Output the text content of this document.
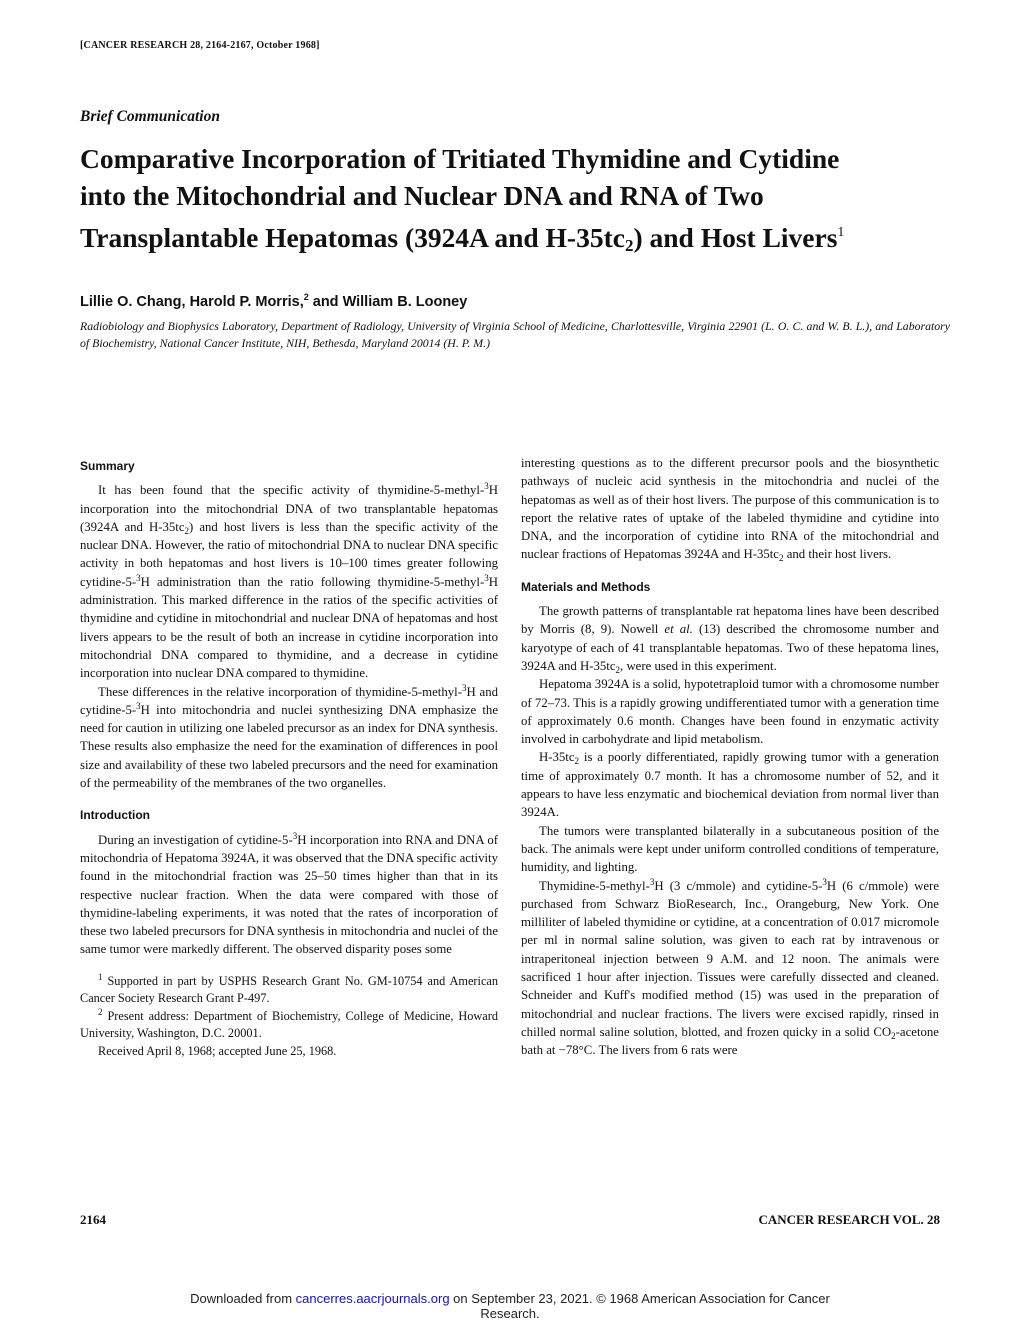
[CANCER RESEARCH 28, 2164-2167, October 1968]
Brief Communication
Comparative Incorporation of Tritiated Thymidine and Cytidine
into the Mitochondrial and Nuclear DNA and RNA of Two
Transplantable Hepatomas (3924A and $H-35tc_2$) and Host Livers$^1$
Lillie O. Chang, Harold P. Morris,$^2$ and William B. Looney
Radiobiology and Biophysics Laboratory, Department of Radiology, University of Virginia School of Medicine, Charlottesville, Virginia 22901 (L. O. C. and W. B. L.), and Laboratory of Biochemistry, National Cancer Institute, NIH, Bethesda, Maryland 20014 (H. P. M.)
Summary

It has been found that the specific activity of thymidine-5-methyl-$^3$H incorporation into the mitochondrial DNA of two transplantable hepatomas (3924A and $H-35tc_2$) and host livers is less than the specific activity of the nuclear DNA. However, the ratio of mitochondrial DNA to nuclear DNA specific activity in both hepatomas and host livers is 10–100 times greater following cytidine-5-$^3$H administration than the ratio following thymidine-5-methyl-$^3$H administration. This marked difference in the ratios of the specific activities of thymidine and cytidine in mitochondrial and nuclear DNA of hepatomas and host livers appears to be the result of both an increase in cytidine incorporation into mitochondrial DNA compared to thymidine, and a decrease in cytidine incorporation into nuclear DNA compared to thymidine.

These differences in the relative incorporation of thymidine-5-methyl-$^3$H and cytidine-5-$^3$H into mitochondria and nuclei synthesizing DNA emphasize the need for caution in utilizing one labeled precursor as an index for DNA synthesis. These results also emphasize the need for the examination of differences in pool size and availability of these two labeled precursors and the need for examination of the permeability of the membranes of the two organelles.

Introduction

During an investigation of cytidine-5-$^3$H incorporation into RNA and DNA of mitochondria of Hepatoma 3924A, it was observed that the DNA specific activity found in the mitochondrial fraction was 25–50 times higher than that in its respective nuclear fraction. When the data were compared with those of thymidine-labeling experiments, it was noted that the rates of incorporation of these two labeled precursors for DNA synthesis in mitochondria and nuclei of the same tumor were markedly different. The observed disparity poses some

$^1$ Supported in part by USPHS Research Grant No. GM-10754 and American Cancer Society Research Grant P-497.

$^2$ Present address: Department of Biochemistry, College of Medicine, Howard University, Washington, D.C. 20001.

Received April 8, 1968; accepted June 25, 1968.

interesting questions as to the different precursor pools and the biosynthetic pathways of nucleic acid synthesis in the mitochondria and nuclei of the hepatomas as well as of their host livers. The purpose of this communication is to report the relative rates of uptake of the labeled thymidine and cytidine into DNA, and the incorporation of cytidine into RNA of the mitochondrial and nuclear fractions of Hepatomas 3924A and $H-35tc_2$ and their host livers.

Materials and Methods

The growth patterns of transplantable rat hepatoma lines have been described by Morris (8, 9). Nowell et al. (13) described the chromosome number and karyotype of each of 41 transplantable hepatomas. Two of these hepatoma lines, 3924A and $H-35tc_2$, were used in this experiment.

Hepatoma 3924A is a solid, hypotetraploid tumor with a chromosome number of 72–73. This is a rapidly growing undifferentiated tumor with a generation time of approximately 0.6 month. Changes have been found in enzymatic activity involved in carbohydrate and lipid metabolism.

$H-35tc_2$ is a poorly differentiated, rapidly growing tumor with a generation time of approximately 0.7 month. It has a chromosome number of 52, and it appears to have less enzymatic and biochemical deviation from normal liver than 3924A.

The tumors were transplanted bilaterally in a subcutaneous position of the back. The animals were kept under uniform controlled conditions of temperature, humidity, and lighting.

Thymidine-5-methyl-$^3$H (3 c/mmole) and cytidine-5-$^3$H (6 c/mmole) were purchased from Schwarz BioResearch, Inc., Orangeburg, New York. One milliliter of labeled thymidine or cytidine, at a concentration of 0.017 micromole per ml in normal saline solution, was given to each rat by intravenous or intraperitoneal injection between 9 A.M. and 12 noon. The animals were sacrificed 1 hour after injection. Tissues were carefully dissected and cleaned. Schneider and Kuff's modified method (15) was used in the preparation of mitochondrial and nuclear fractions. The livers were excised rapidly, rinsed in chilled normal saline solution, blotted, and frozen quicky in a solid $CO_2$-acetone bath at −78°C. The livers from 6 rats were

2164	CANCER RESEARCH VOL. 28
Downloaded from cancerres.aacrjournals.org on September 23, 2021. © 1968 American Association for Cancer
Research.
